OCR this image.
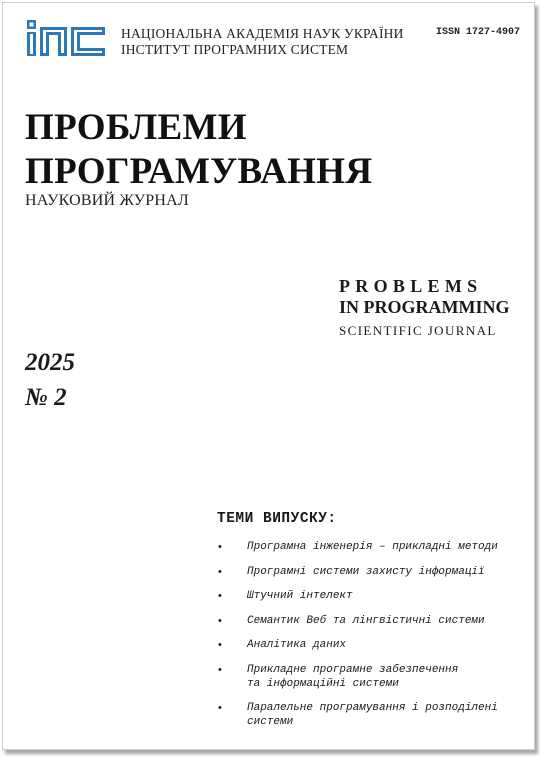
НАЦІОНАЛЬНА АКАДЕМІЯ НАУК УКРАЇНИ
ІНСТИТУТ ПРОГРАМНИХ СИСТЕМ
ISSN 1727-4907
ПРОБЛЕМИ
ПРОГРАМУВАННЯ
НАУКОВИЙ ЖУРНАЛ
PROBLEMS
IN PROGRAMMING
SCIENTIFIC JOURNAL
2025
№ 2
ТЕМИ ВИПУСКУ:
• Програмна інженерія – прикладні методи
• Програмні системи захисту інформації
• Штучний інтелект
• Семантик Веб та лінгвістичні системи
• Аналітика даних
• Прикладне програмне забезпечення
та інформаційні системи
• Паралельне програмування і розподілені
системи
